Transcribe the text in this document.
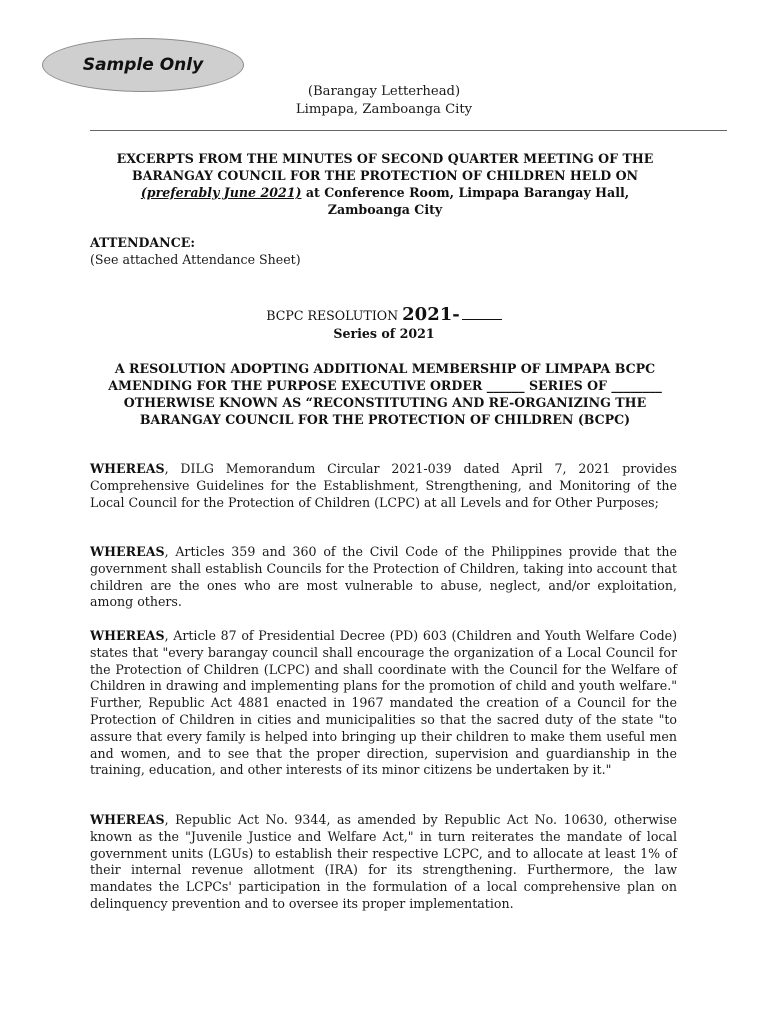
Sample Only
(Barangay Letterhead)
Limpapa, Zamboanga City
EXCERPTS FROM THE MINUTES OF SECOND QUARTER MEETING OF THE
BARANGAY COUNCIL FOR THE PROTECTION OF CHILDREN HELD ON
(preferably June 2021) at Conference Room, Limpapa Barangay Hall,
Zamboanga City
ATTENDANCE:
(See attached Attendance Sheet)
BCPC RESOLUTION 2021-
Series of 2021
A RESOLUTION ADOPTING ADDITIONAL MEMBERSHIP OF LIMPAPA BCPC
AMENDING FOR THE PURPOSE EXECUTIVE ORDER ______ SERIES OF ________
OTHERWISE KNOWN AS “RECONSTITUTING AND RE-ORGANIZING THE
BARANGAY COUNCIL FOR THE PROTECTION OF CHILDREN (BCPC)
WHEREAS, DILG Memorandum Circular 2021-039 dated April 7, 2021 provides Comprehensive Guidelines for the Establishment, Strengthening, and Monitoring of the Local Council for the Protection of Children (LCPC) at all Levels and for Other Purposes;
WHEREAS, Articles 359 and 360 of the Civil Code of the Philippines provide that the government shall establish Councils for the Protection of Children, taking into account that children are the ones who are most vulnerable to abuse, neglect, and/or exploitation, among others.
WHEREAS, Article 87 of Presidential Decree (PD) 603 (Children and Youth Welfare Code) states that "every barangay council shall encourage the organization of a Local Council for the Protection of Children (LCPC) and shall coordinate with the Council for the Welfare of Children in drawing and implementing plans for the promotion of child and youth welfare." Further, Republic Act 4881 enacted in 1967 mandated the creation of a Council for the Protection of Children in cities and municipalities so that the sacred duty of the state "to assure that every family is helped into bringing up their children to make them useful men and women, and to see that the proper direction, supervision and guardianship in the training, education, and other interests of its minor citizens be undertaken by it."
WHEREAS, Republic Act No. 9344, as amended by Republic Act No. 10630, otherwise known as the "Juvenile Justice and Welfare Act," in turn reiterates the mandate of local government units (LGUs) to establish their respective LCPC, and to allocate at least 1% of their internal revenue allotment (IRA) for its strengthening. Furthermore, the law mandates the LCPCs' participation in the formulation of a local comprehensive plan on delinquency prevention and to oversee its proper implementation.
